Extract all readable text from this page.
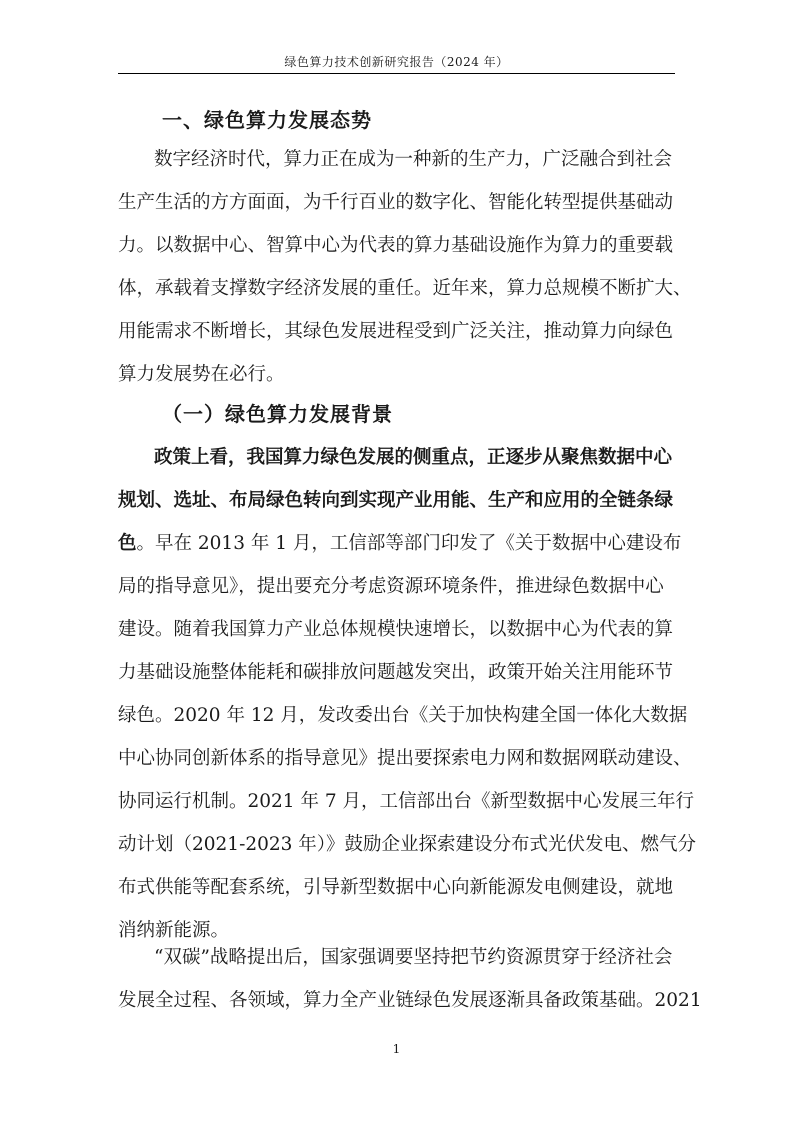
绿色算力技术创新研究报告（2024 年）
一、绿色算力发展态势
数字经济时代，算力正在成为一种新的生产力，广泛融合到社会
生产生活的方方面面，为千行百业的数字化、智能化转型提供基础动
力。以数据中心、智算中心为代表的算力基础设施作为算力的重要载
体，承载着支撑数字经济发展的重任。近年来，算力总规模不断扩大、
用能需求不断增长，其绿色发展进程受到广泛关注，推动算力向绿色
算力发展势在必行。
（一）绿色算力发展背景
政策上看，我国算力绿色发展的侧重点，正逐步从聚焦数据中心
规划、选址、布局绿色转向到实现产业用能、生产和应用的全链条绿
色。早在 2013 年 1 月，工信部等部门印发了《关于数据中心建设布
局的指导意见》，提出要充分考虑资源环境条件，推进绿色数据中心
建设。随着我国算力产业总体规模快速增长，以数据中心为代表的算
力基础设施整体能耗和碳排放问题越发突出，政策开始关注用能环节
绿色。2020 年 12 月，发改委出台《关于加快构建全国一体化大数据
中心协同创新体系的指导意见》提出要探索电力网和数据网联动建设、
协同运行机制。2021 年 7 月，工信部出台《新型数据中心发展三年行
动计划（2021-2023 年）》鼓励企业探索建设分布式光伏发电、燃气分
布式供能等配套系统，引导新型数据中心向新能源发电侧建设，就地
消纳新能源。
“双碳”战略提出后，国家强调要坚持把节约资源贯穿于经济社会
发展全过程、各领域，算力全产业链绿色发展逐渐具备政策基础。2021
1
